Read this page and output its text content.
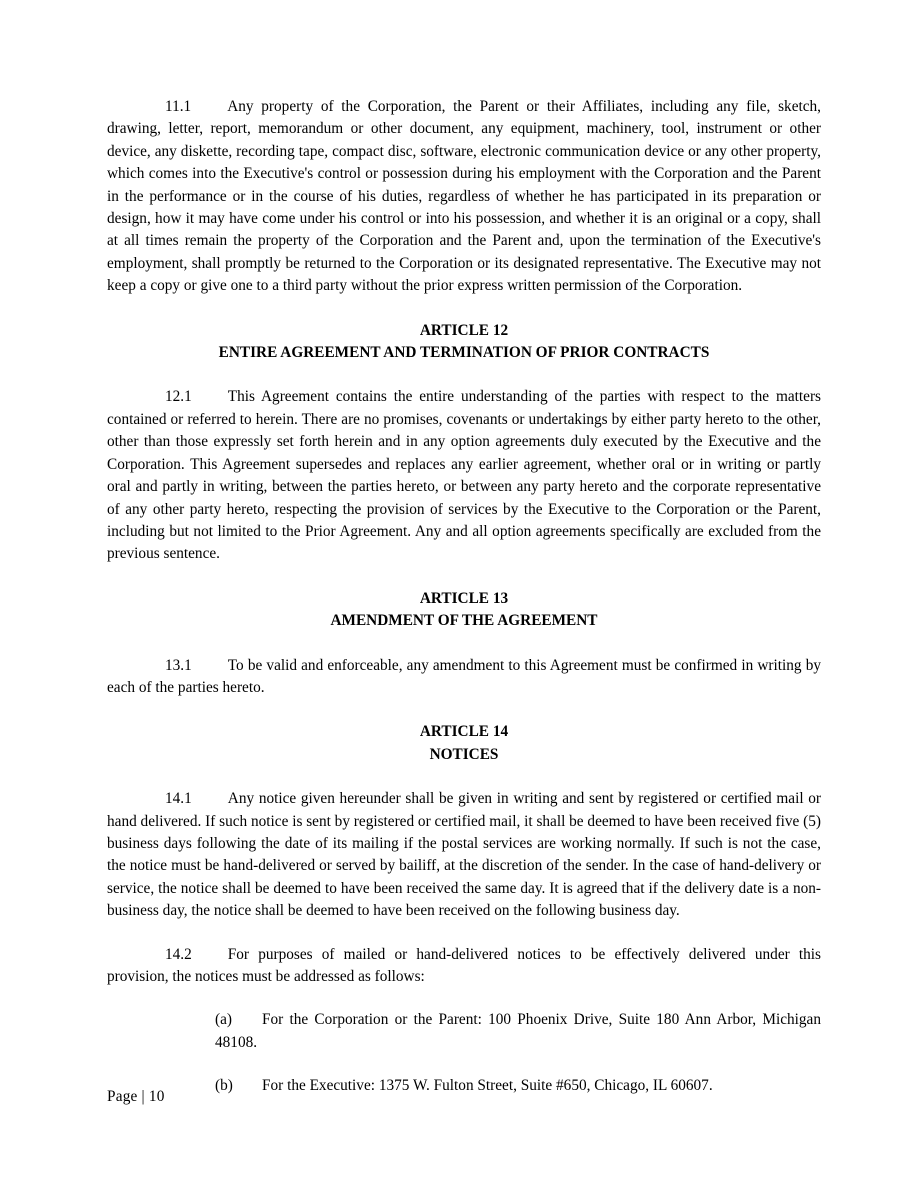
11.1 Any property of the Corporation, the Parent or their Affiliates, including any file, sketch, drawing, letter, report, memorandum or other document, any equipment, machinery, tool, instrument or other device, any diskette, recording tape, compact disc, software, electronic communication device or any other property, which comes into the Executive's control or possession during his employment with the Corporation and the Parent in the performance or in the course of his duties, regardless of whether he has participated in its preparation or design, how it may have come under his control or into his possession, and whether it is an original or a copy, shall at all times remain the property of the Corporation and the Parent and, upon the termination of the Executive's employment, shall promptly be returned to the Corporation or its designated representative. The Executive may not keep a copy or give one to a third party without the prior express written permission of the Corporation.

ARTICLE 12
ENTIRE AGREEMENT AND TERMINATION OF PRIOR CONTRACTS

12.1 This Agreement contains the entire understanding of the parties with respect to the matters contained or referred to herein. There are no promises, covenants or undertakings by either party hereto to the other, other than those expressly set forth herein and in any option agreements duly executed by the Executive and the Corporation. This Agreement supersedes and replaces any earlier agreement, whether oral or in writing or partly oral and partly in writing, between the parties hereto, or between any party hereto and the corporate representative of any other party hereto, respecting the provision of services by the Executive to the Corporation or the Parent, including but not limited to the Prior Agreement. Any and all option agreements specifically are excluded from the previous sentence.

ARTICLE 13
AMENDMENT OF THE AGREEMENT

13.1 To be valid and enforceable, any amendment to this Agreement must be confirmed in writing by each of the parties hereto.

ARTICLE 14
NOTICES

14.1 Any notice given hereunder shall be given in writing and sent by registered or certified mail or hand delivered. If such notice is sent by registered or certified mail, it shall be deemed to have been received five (5) business days following the date of its mailing if the postal services are working normally. If such is not the case, the notice must be hand-delivered or served by bailiff, at the discretion of the sender. In the case of hand-delivery or service, the notice shall be deemed to have been received the same day. It is agreed that if the delivery date is a non-business day, the notice shall be deemed to have been received on the following business day.

14.2 For purposes of mailed or hand-delivered notices to be effectively delivered under this provision, the notices must be addressed as follows:

(a) For the Corporation or the Parent: 100 Phoenix Drive, Suite 180 Ann Arbor, Michigan 48108.

(b) For the Executive: 1375 W. Fulton Street, Suite #650, Chicago, IL 60607.

Page | 10
